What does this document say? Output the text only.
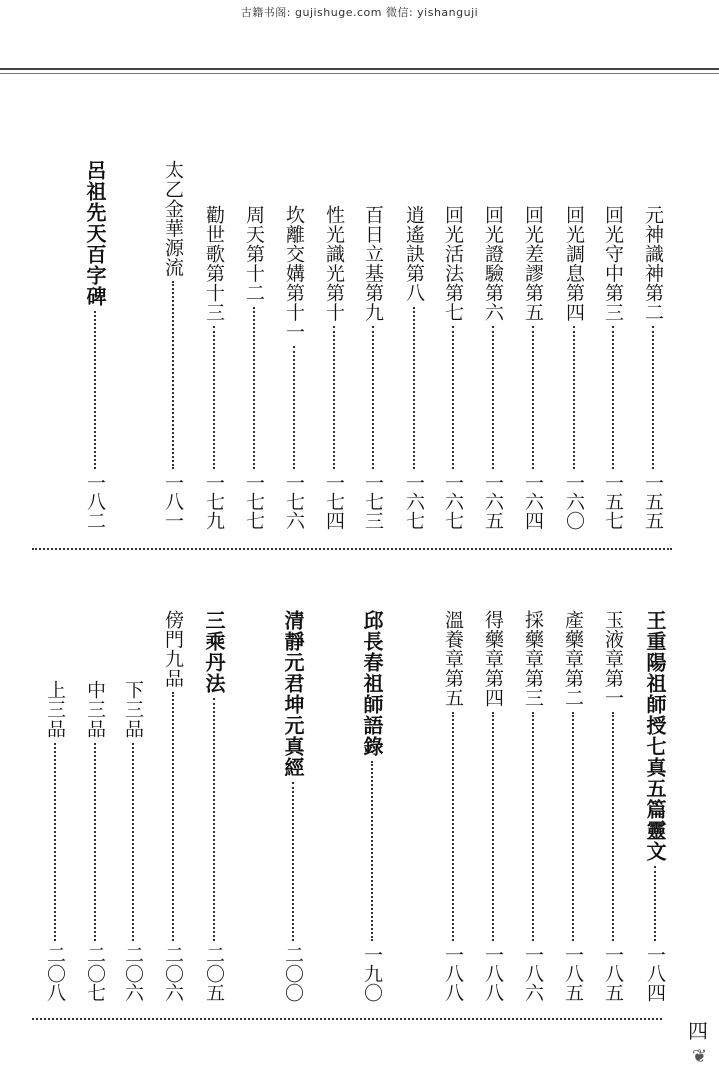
古籍书阁: gujishuge.com 微信: yishanguji
元神識神第二
一五五
回光守中第三
一五七
回光調息第四
一六〇
回光差謬第五
一六四
回光證驗第六
一六五
回光活法第七
一六七
逍遙訣第八
一六七
百日立基第九
一七三
性光識光第十
一七四
坎離交媾第十一
一七六
周天第十二
一七七
勸世歌第十三
一七九
太乙金華源流
一八一
呂祖先天百字碑
一八二
王重陽祖師授七真五篇靈文
一八四
玉液章第一
一八五
產藥章第二
一八五
採藥章第三
一八六
得藥章第四
一八八
溫養章第五
一八八
邱長春祖師語錄
一九〇
清靜元君坤元真經
二〇〇
三乘丹法
二〇五
傍門九品
二〇六
下三品
二〇六
中三品
二〇七
上三品
二〇八
四
❦
